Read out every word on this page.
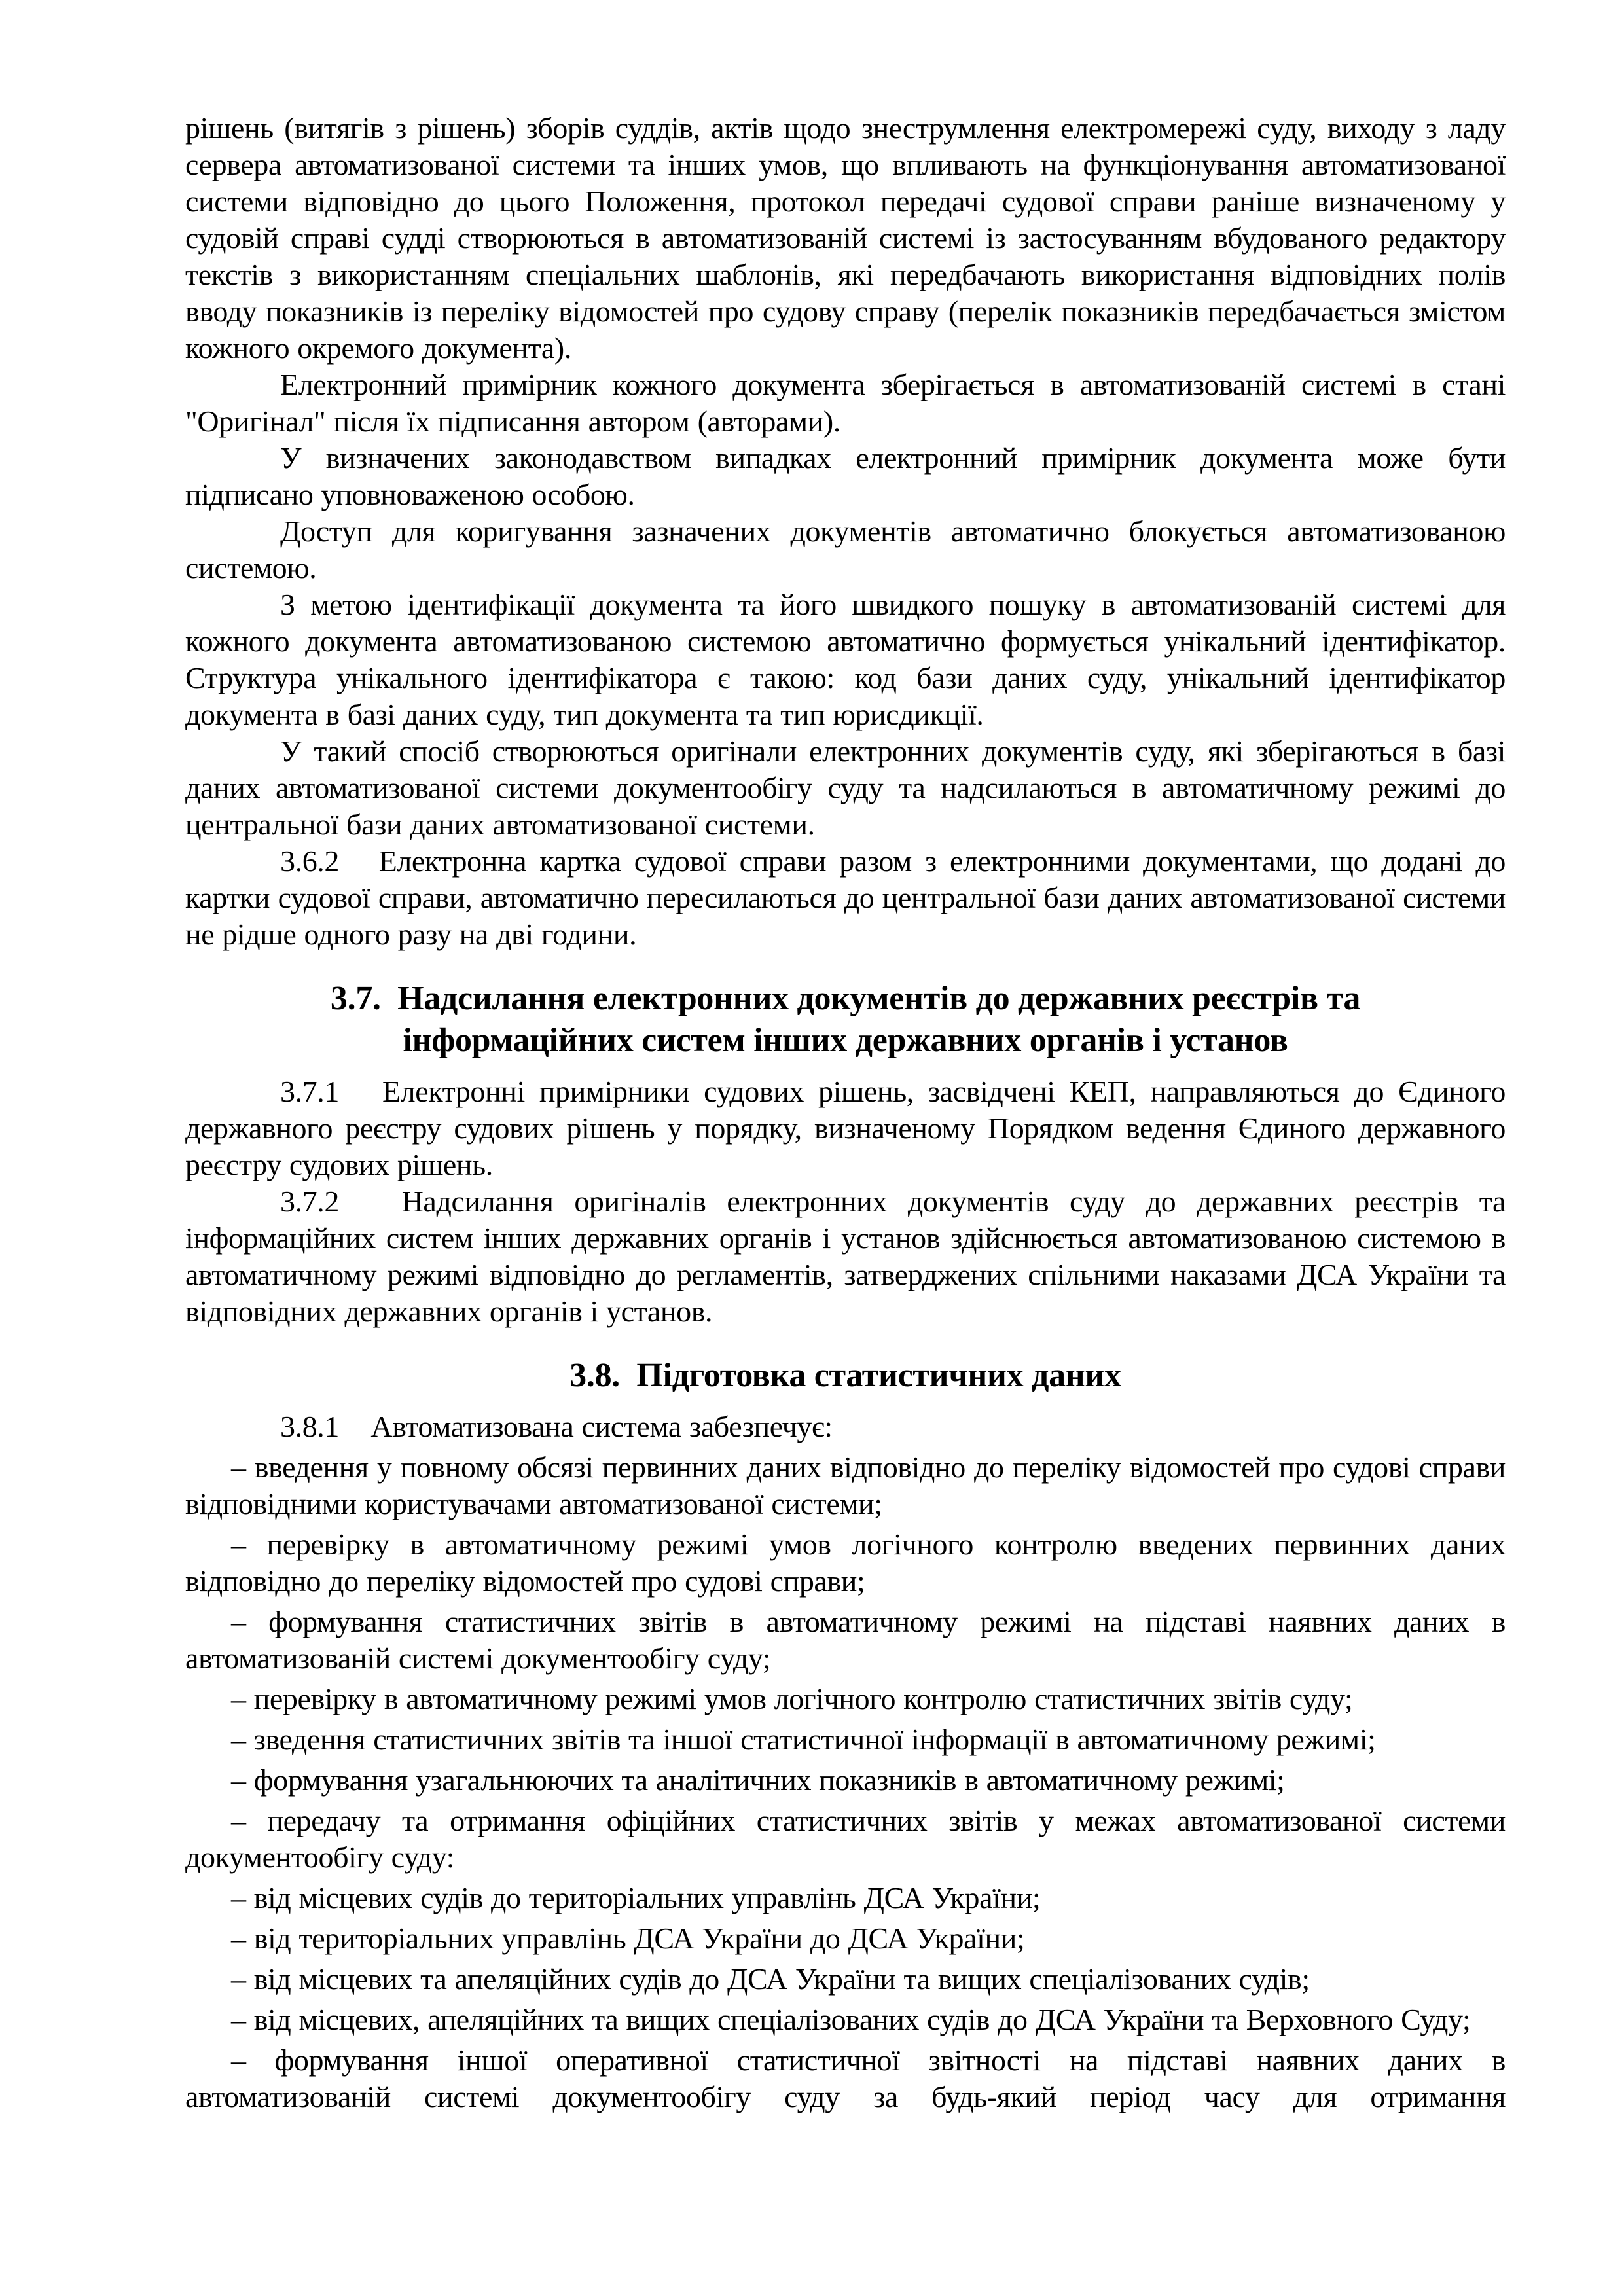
рішень (витягів з рішень) зборів суддів, актів щодо знеструмлення електромережі суду, виходу з ладу сервера автоматизованої системи та інших умов, що впливають на функціонування автоматизованої системи відповідно до цього Положення, протокол передачі судової справи раніше визначеному у судовій справі судді створюються в автоматизованій системі із застосуванням вбудованого редактору текстів з використанням спеціальних шаблонів, які передбачають використання відповідних полів вводу показників із переліку відомостей про судову справу (перелік показників передбачається змістом кожного окремого документа).

Електронний примірник кожного документа зберігається в автоматизованій системі в стані "Оригінал" після їх підписання автором (авторами).

У визначених законодавством випадках електронний примірник документа може бути підписано уповноваженою особою.

Доступ для коригування зазначених документів автоматично блокується автоматизованою системою.

З метою ідентифікації документа та його швидкого пошуку в автоматизованій системі для кожного документа автоматизованою системою автоматично формується унікальний ідентифікатор. Структура унікального ідентифікатора є такою: код бази даних суду, унікальний ідентифікатор документа в базі даних суду, тип документа та тип юрисдикції.

У такий спосіб створюються оригінали електронних документів суду, які зберігаються в базі даних автоматизованої системи документообігу суду та надсилаються в автоматичному режимі до центральної бази даних автоматизованої системи.

3.6.2   Електронна картка судової справи разом з електронними документами, що додані до картки судової справи, автоматично пересилаються до центральної бази даних автоматизованої системи не рідше одного разу на дві години.

3.7.  Надсилання електронних документів до державних реєстрів та
інформаційних систем інших державних органів і установ

3.7.1   Електронні примірники судових рішень, засвідчені КЕП, направляються до Єдиного державного реєстру судових рішень у порядку, визначеному Порядком ведення Єдиного державного реєстру судових рішень.

3.7.2   Надсилання оригіналів електронних документів суду до державних реєстрів та інформаційних систем інших державних органів і установ здійснюється автоматизованою системою в автоматичному режимі відповідно до регламентів, затверджених спільними наказами ДСА України та відповідних державних органів і установ.

3.8.  Підготовка статистичних даних

3.8.1    Автоматизована система забезпечує:

– введення у повному обсязі первинних даних відповідно до переліку відомостей про судові справи відповідними користувачами автоматизованої системи;

– перевірку в автоматичному режимі умов логічного контролю введених первинних даних відповідно до переліку відомостей про судові справи;

– формування статистичних звітів в автоматичному режимі на підставі наявних даних в автоматизованій системі документообігу суду;

– перевірку в автоматичному режимі умов логічного контролю статистичних звітів суду;

– зведення статистичних звітів та іншої статистичної інформації в автоматичному режимі;

– формування узагальнюючих та аналітичних показників в автоматичному режимі;

– передачу та отримання офіційних статистичних звітів у межах автоматизованої системи документообігу суду:

– від місцевих судів до територіальних управлінь ДСА України;

– від територіальних управлінь ДСА України до ДСА України;

– від місцевих та апеляційних судів до ДСА України та вищих спеціалізованих судів;

– від місцевих, апеляційних та вищих спеціалізованих судів до ДСА України та Верховного Суду;

– формування іншої оперативної статистичної звітності на підставі наявних даних в автоматизованій системі документообігу суду за будь-який період часу для отримання
